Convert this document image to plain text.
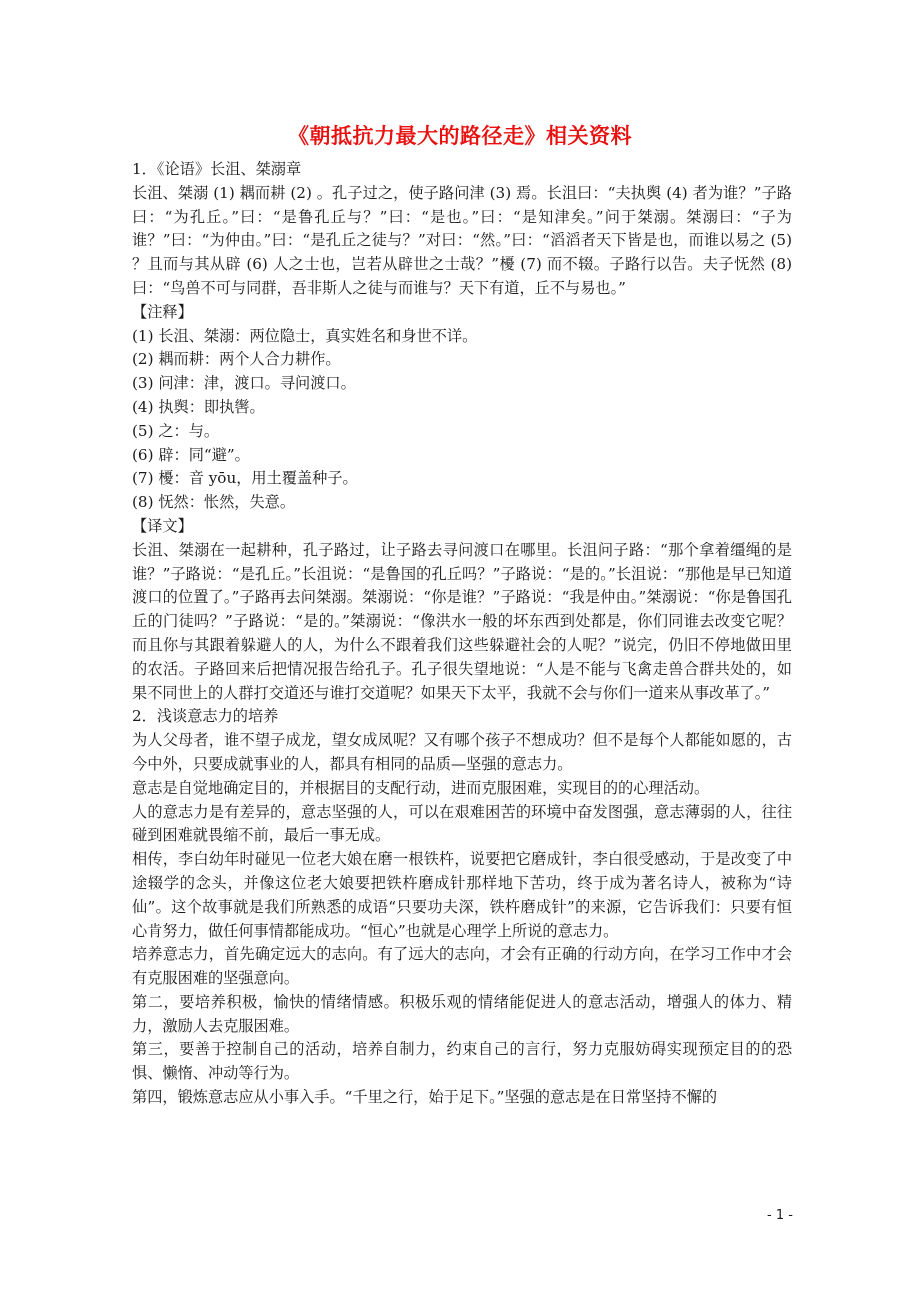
《朝抵抗力最大的路径走》相关资料

1．《论语》长沮、桀溺章

长沮、桀溺 (1) 耦而耕 (2) 。孔子过之，使子路问津 (3) 焉。长沮曰：“夫执舆 (4) 者为谁？”子路曰：“为孔丘。”曰：“是鲁孔丘与？”曰：“是也。”曰：“是知津矣。”问于桀溺。桀溺曰：“子为谁？”曰：“为仲由。”曰：“是孔丘之徒与？”对曰：“然。”曰：“滔滔者天下皆是也，而谁以易之 (5) ？且而与其从辟 (6) 人之士也，岂若从辟世之士哉？”櫌 (7) 而不辍。子路行以告。夫子怃然 (8) 曰：“鸟兽不可与同群，吾非斯人之徒与而谁与？天下有道，丘不与易也。”

【注释】

(1) 长沮、桀溺：两位隐士，真实姓名和身世不详。

(2) 耦而耕：两个人合力耕作。

(3) 问津：津，渡口。寻问渡口。

(4) 执舆：即执辔。

(5) 之：与。

(6) 辟：同“避”。

(7) 櫌：音 yōu，用土覆盖种子。

(8) 怃然：怅然，失意。

【译文】

长沮、桀溺在一起耕种，孔子路过，让子路去寻问渡口在哪里。长沮问子路：“那个拿着缰绳的是谁？”子路说：“是孔丘。”长沮说：“是鲁国的孔丘吗？”子路说：“是的。”长沮说：“那他是早已知道渡口的位置了。”子路再去问桀溺。桀溺说：“你是谁？”子路说：“我是仲由。”桀溺说：“你是鲁国孔丘的门徒吗？”子路说：“是的。”桀溺说：“像洪水一般的坏东西到处都是，你们同谁去改变它呢？而且你与其跟着躲避人的人，为什么不跟着我们这些躲避社会的人呢？”说完，仍旧不停地做田里的农活。子路回来后把情况报告给孔子。孔子很失望地说：“人是不能与飞禽走兽合群共处的，如果不同世上的人群打交道还与谁打交道呢？如果天下太平，我就不会与你们一道来从事改革了。”

2．浅谈意志力的培养

为人父母者，谁不望子成龙，望女成凤呢？又有哪个孩子不想成功？但不是每个人都能如愿的，古今中外，只要成就事业的人，都具有相同的品质—坚强的意志力。

意志是自觉地确定目的，并根据目的支配行动，进而克服困难，实现目的的心理活动。

人的意志力是有差异的，意志坚强的人，可以在艰难困苦的环境中奋发图强，意志薄弱的人，往往碰到困难就畏缩不前，最后一事无成。

相传，李白幼年时碰见一位老大娘在磨一根铁杵，说要把它磨成针，李白很受感动，于是改变了中途辍学的念头，并像这位老大娘要把铁杵磨成针那样地下苦功，终于成为著名诗人，被称为“诗仙”。这个故事就是我们所熟悉的成语“只要功夫深，铁杵磨成针”的来源，它告诉我们：只要有恒心肯努力，做任何事情都能成功。“恒心”也就是心理学上所说的意志力。

培养意志力，首先确定远大的志向。有了远大的志向，才会有正确的行动方向，在学习工作中才会有克服困难的坚强意向。

第二，要培养积极，愉快的情绪情感。积极乐观的情绪能促进人的意志活动，增强人的体力、精力，激励人去克服困难。

第三，要善于控制自己的活动，培养自制力，约束自己的言行，努力克服妨碍实现预定目的的恐惧、懒惰、冲动等行为。

第四，锻炼意志应从小事入手。“千里之行，始于足下。”坚强的意志是在日常坚持不懈的

- 1 -
